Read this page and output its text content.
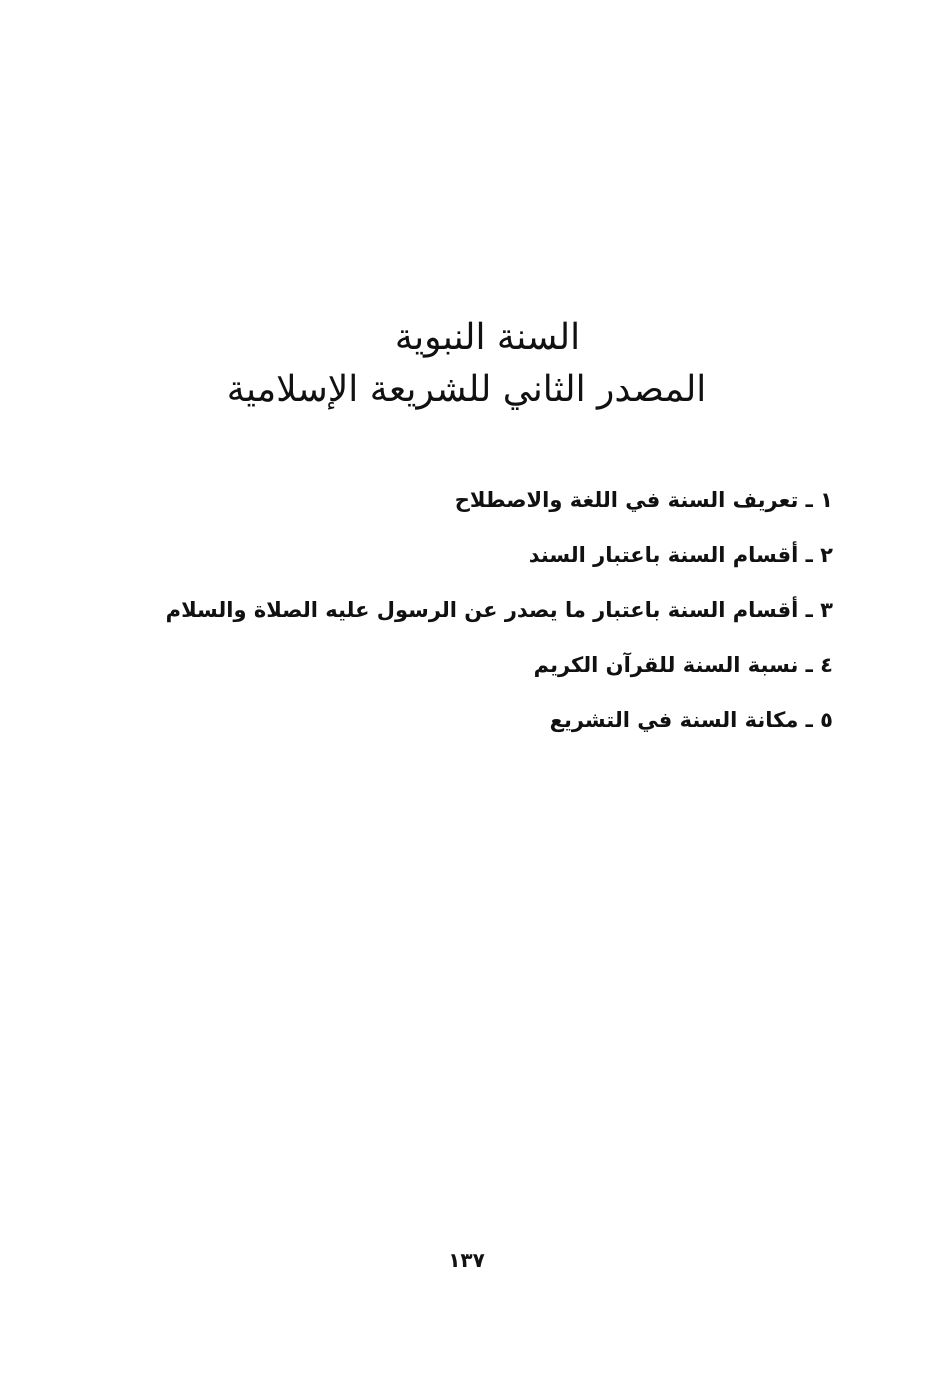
السنة النبوية
المصدر الثاني للشريعة الإسلامية
١ ـ تعريف السنة في اللغة والاصطلاح
٢ ـ أقسام السنة باعتبار السند
٣ ـ أقسام السنة باعتبار ما يصدر عن الرسول عليه الصلاة والسلام
٤ ـ نسبة السنة للقرآن الكريم
٥ ـ مكانة السنة في التشريع
١٣٧
